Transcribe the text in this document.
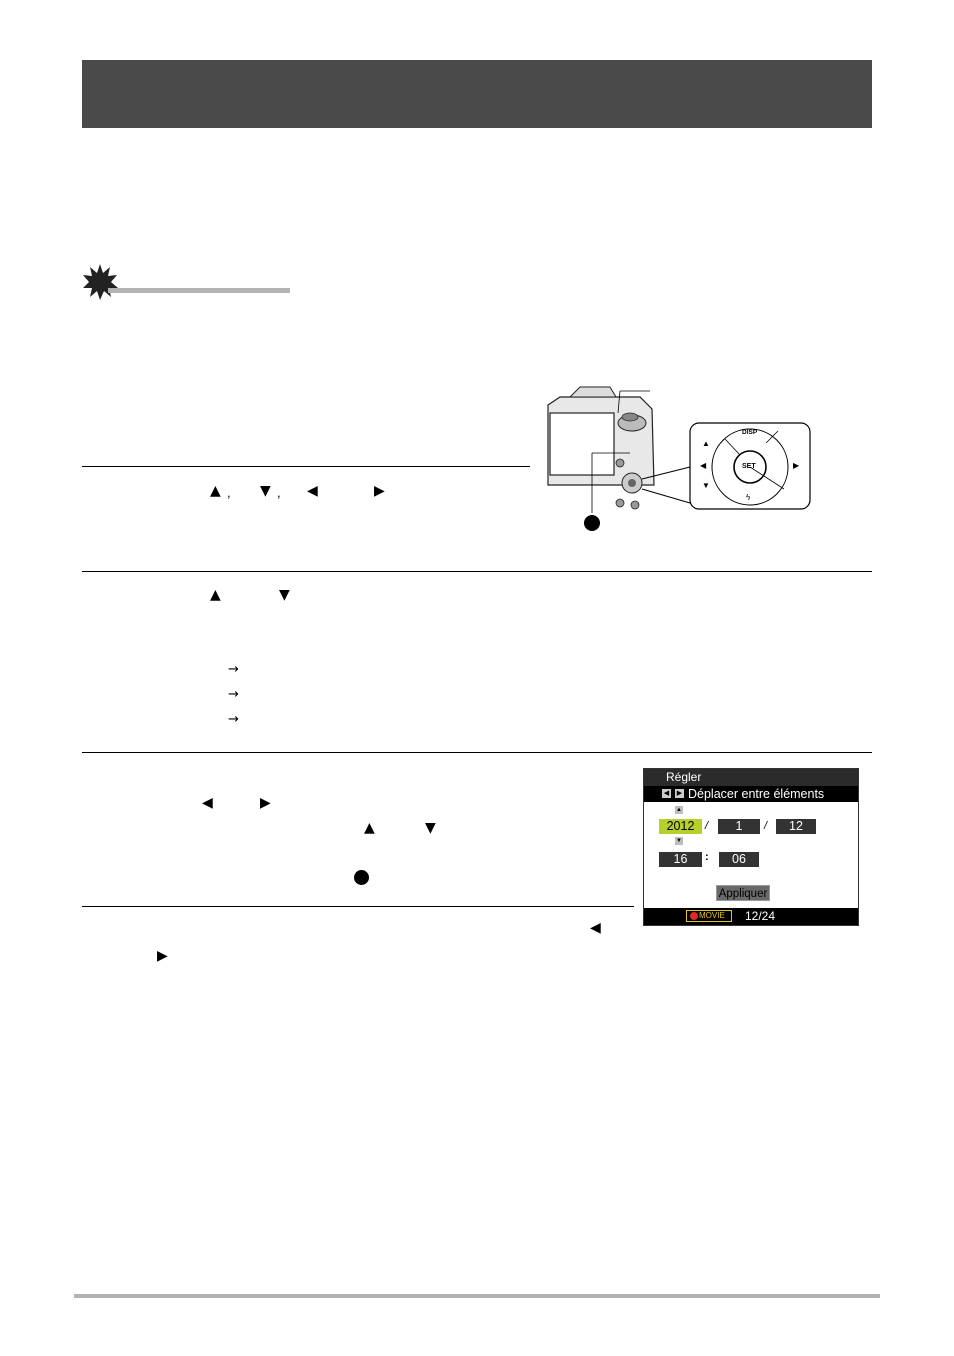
▲ , ▼ , ◀	▶
▲	▼
→
→
→
◀	▶
▲	▼
◀
▶
DISP
SET
ϟ
▲
▼
◀	▶
Régler
◀ ▶ Déplacer entre éléments
▲
2012 /	1	/	12
▼
16	:	06
Appliquer
MOVIE 12/24
